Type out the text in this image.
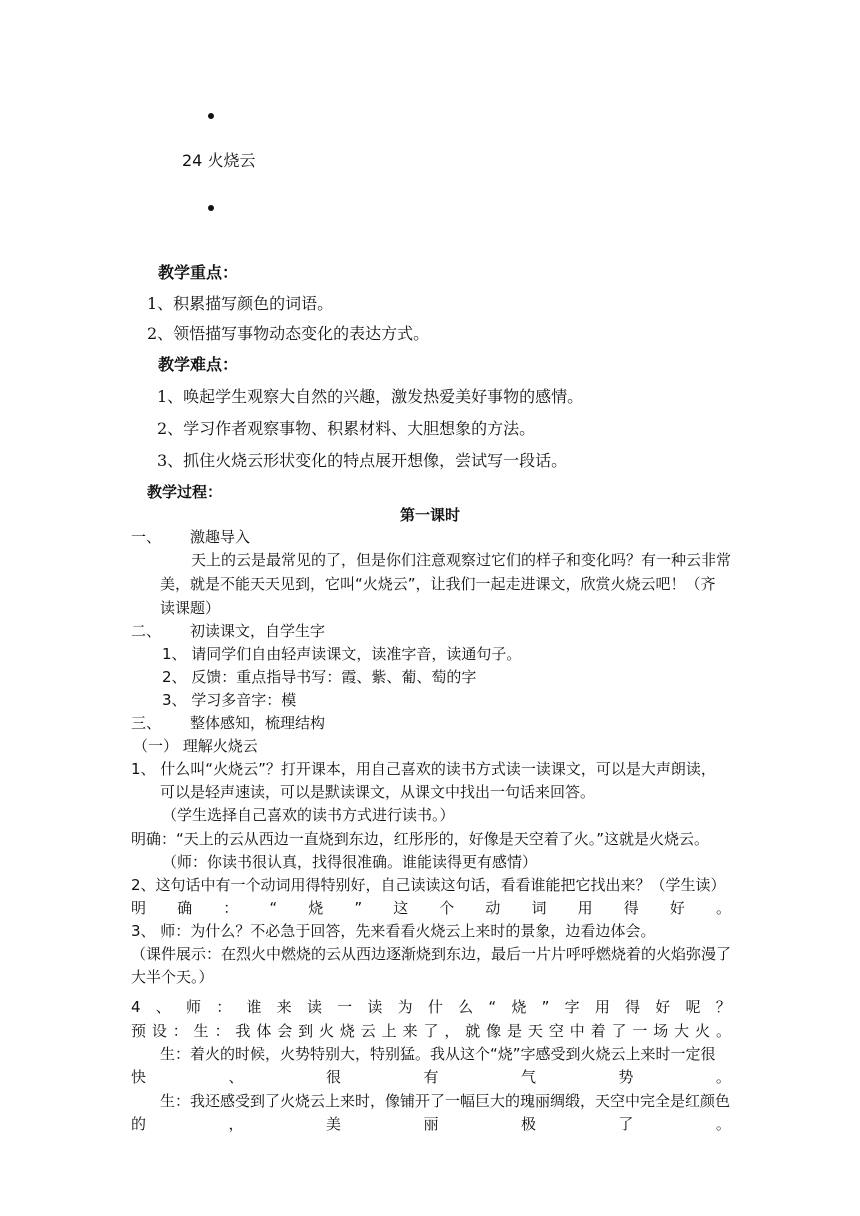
24 火烧云
教学重点：
1、积累描写颜色的词语。
2、领悟描写事物动态变化的表达方式。
教学难点：
1、唤起学生观察大自然的兴趣，激发热爱美好事物的感情。
2、学习作者观察事物、积累材料、大胆想象的方法。
3、抓住火烧云形状变化的特点展开想像，尝试写一段话。
教学过程：
第一课时
一、 激趣导入
天上的云是最常见的了，但是你们注意观察过它们的样子和变化吗？有一种云非常
美，就是不能天天见到，它叫“火烧云”，让我们一起走进课文，欣赏火烧云吧！（齐
读课题）
二、 初读课文，自学生字
1、 请同学们自由轻声读课文，读准字音，读通句子。
2、 反馈：重点指导书写：霞、紫、葡、萄的字
3、 学习多音字：模
三、 整体感知，梳理结构
（一） 理解火烧云
1、 什么叫“火烧云”？打开课本，用自己喜欢的读书方式读一读课文，可以是大声朗读，
可以是轻声速读，可以是默读课文，从课文中找出一句话来回答。
（学生选择自己喜欢的读书方式进行读书。）
明确：“天上的云从西边一直烧到东边，红彤彤的，好像是天空着了火。”这就是火烧云。
（师：你读书很认真，找得很准确。谁能读得更有感情）
2、这句话中有一个动词用得特别好，自己读读这句话，看看谁能把它找出来？（学生读）
明 确 ： “ 烧 ” 这 个 动 词 用 得 好 。
3、 师：为什么？不必急于回答，先来看看火烧云上来时的景象，边看边体会。
（课件展示：在烈火中燃烧的云从西边逐渐烧到东边，最后一片片呼呼燃烧着的火焰弥漫了
大半个天。）
4 、 师 ： 谁 来 读 一 读 为 什 么 “ 烧 ” 字 用 得 好 呢 ？
预 设 ： 生 ： 我 体 会 到 火 烧 云 上 来 了 ， 就 像 是 天 空 中 着 了 一 场 大 火 。
生：着火的时候，火势特别大，特别猛。我从这个“烧”字感受到火烧云上来时一定很
快	、	很	有	气	势	。
生：我还感受到了火烧云上来时，像铺开了一幅巨大的瑰丽绸缎，天空中完全是红颜色
的	，	美	丽	极	了	。
